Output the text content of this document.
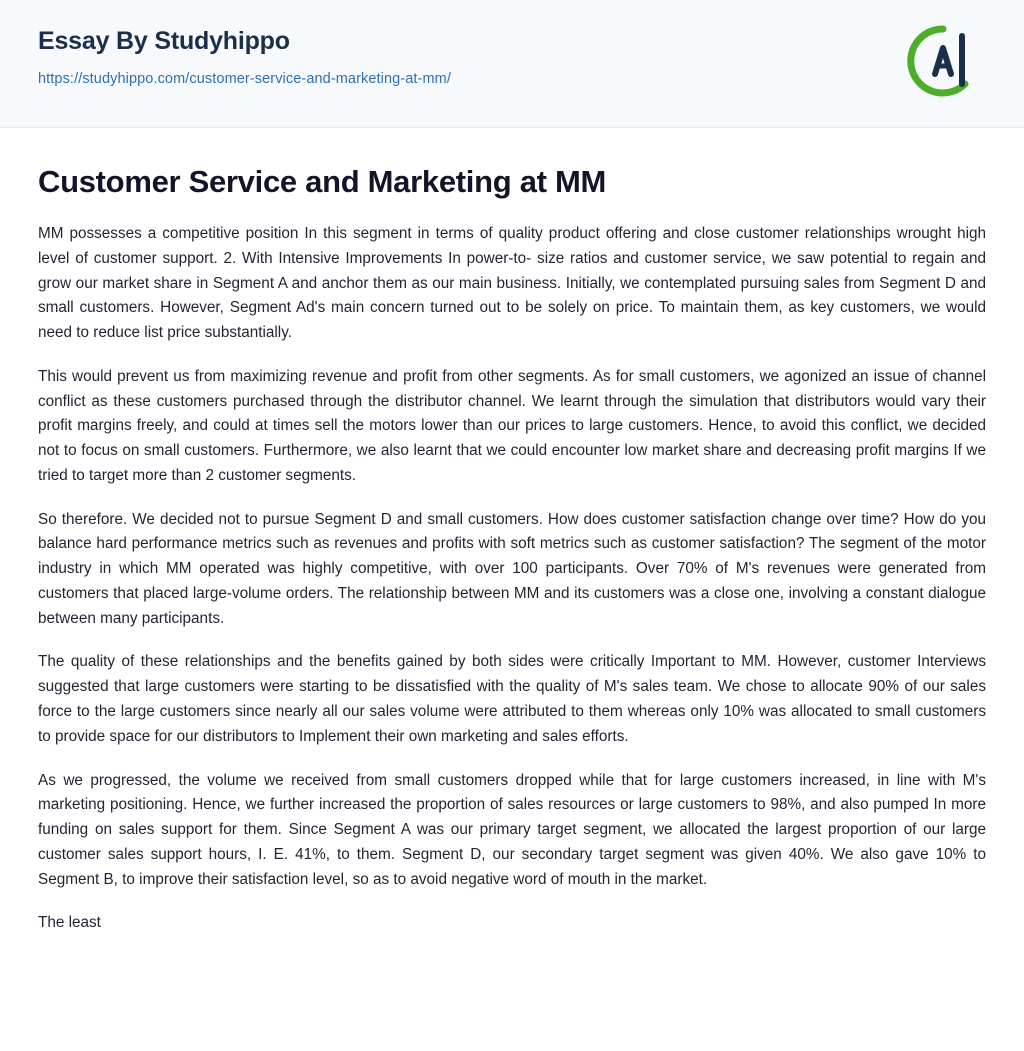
Essay By Studyhippo
https://studyhippo.com/customer-service-and-marketing-at-mm/
Customer Service and Marketing at MM

MM possesses a competitive position In this segment in terms of quality product offering and close customer relationships wrought high level of customer support. 2. With Intensive Improvements In power-to- size ratios and customer service, we saw potential to regain and grow our market share in Segment A and anchor them as our main business. Initially, we contemplated pursuing sales from Segment D and small customers. However, Segment Ad's main concern turned out to be solely on price. To maintain them, as key customers, we would need to reduce list price substantially.

This would prevent us from maximizing revenue and profit from other segments. As for small customers, we agonized an issue of channel conflict as these customers purchased through the distributor channel. We learnt through the simulation that distributors would vary their profit margins freely, and could at times sell the motors lower than our prices to large customers. Hence, to avoid this conflict, we decided not to focus on small customers. Furthermore, we also learnt that we could encounter low market share and decreasing profit margins If we tried to target more than 2 customer segments.

So therefore. We decided not to pursue Segment D and small customers. How does customer satisfaction change over time? How do you balance hard performance metrics such as revenues and profits with soft metrics such as customer satisfaction? The segment of the motor industry in which MM operated was highly competitive, with over 100 participants. Over 70% of M's revenues were generated from customers that placed large-volume orders. The relationship between MM and its customers was a close one, involving a constant dialogue between many participants.

The quality of these relationships and the benefits gained by both sides were critically Important to MM. However, customer Interviews suggested that large customers were starting to be dissatisfied with the quality of M's sales team. We chose to allocate 90% of our sales force to the large customers since nearly all our sales volume were attributed to them whereas only 10% was allocated to small customers to provide space for our distributors to Implement their own marketing and sales efforts.

As we progressed, the volume we received from small customers dropped while that for large customers increased, in line with M's marketing positioning. Hence, we further increased the proportion of sales resources or large customers to 98%, and also pumped In more funding on sales support for them. Since Segment A was our primary target segment, we allocated the largest proportion of our large customer sales support hours, I. E. 41%, to them. Segment D, our secondary target segment was given 40%. We also gave 10% to Segment B, to improve their satisfaction level, so as to avoid negative word of mouth in the market.

The least
